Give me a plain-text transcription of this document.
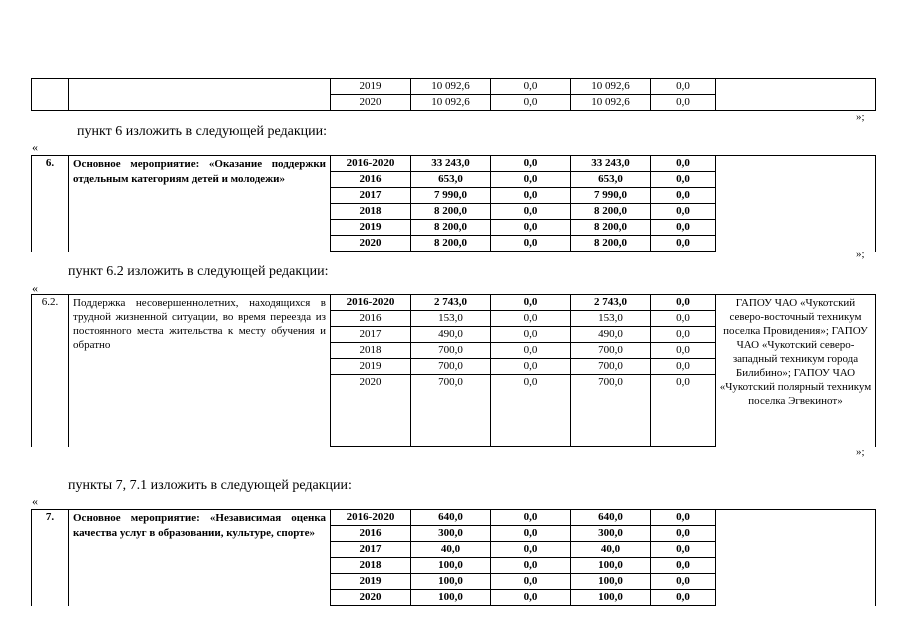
		2019	10 092,6	0,0	10 092,6	0,0	
		2020	10 092,6	0,0	10 092,6	0,0	
»;
пункт 6 изложить в следующей редакции:
«
6.	Основное мероприятие: «Оказание поддержки отдельным категориям детей и молодежи»	2016-2020	33 243,0	0,0	33 243,0	0,0	
		2016	653,0	0,0	653,0	0,0	
		2017	7 990,0	0,0	7 990,0	0,0	
		2018	8 200,0	0,0	8 200,0	0,0	
		2019	8 200,0	0,0	8 200,0	0,0	
		2020	8 200,0	0,0	8 200,0	0,0	
»;
пункт 6.2 изложить в следующей редакции:
«
6.2.	Поддержка несовершеннолетних, находящихся в трудной жизненной ситуации, во время переезда из постоянного места жительства к месту обучения и обратно	2016-2020	2 743,0	0,0	2 743,0	0,0	ГАПОУ ЧАО «Чукотский северо-восточный техникум поселка Провидения»; ГАПОУ ЧАО «Чукотский северо-западный техникум города Билибино»; ГАПОУ ЧАО «Чукотский полярный техникум поселка Эгвекинот»
		2016	153,0	0,0	153,0	0,0	
		2017	490,0	0,0	490,0	0,0	
		2018	700,0	0,0	700,0	0,0	
		2019	700,0	0,0	700,0	0,0	
		2020	700,0	0,0	700,0	0,0	
»;
пункты 7, 7.1 изложить в следующей редакции:
«
7.	Основное мероприятие: «Независимая оценка качества услуг в образовании, культуре, спорте»	2016-2020	640,0	0,0	640,0	0,0	
		2016	300,0	0,0	300,0	0,0	
		2017	40,0	0,0	40,0	0,0	
		2018	100,0	0,0	100,0	0,0	
		2019	100,0	0,0	100,0	0,0	
		2020	100,0	0,0	100,0	0,0	
